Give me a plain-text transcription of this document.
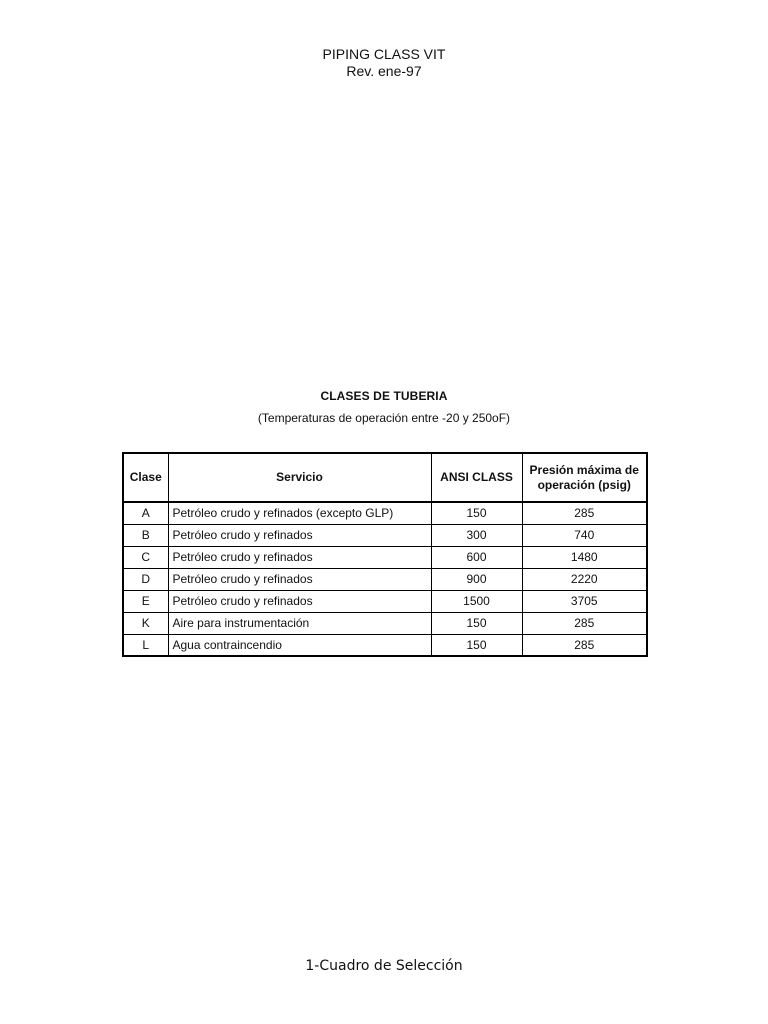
PIPING CLASS VIT
Rev. ene-97
CLASES DE TUBERIA
(Temperaturas de operación entre -20 y 250oF)
Clase	Servicio	ANSI CLASS	Presión máxima de
operación (psig)
A	Petróleo crudo y refinados (excepto GLP)	150	285
B	Petróleo crudo y refinados	300	740
C	Petróleo crudo y refinados	600	1480
D	Petróleo crudo y refinados	900	2220
E	Petróleo crudo y refinados	1500	3705
K	Aire para instrumentación	150	285
L	Agua contraincendio	150	285
1-Cuadro de Selección
